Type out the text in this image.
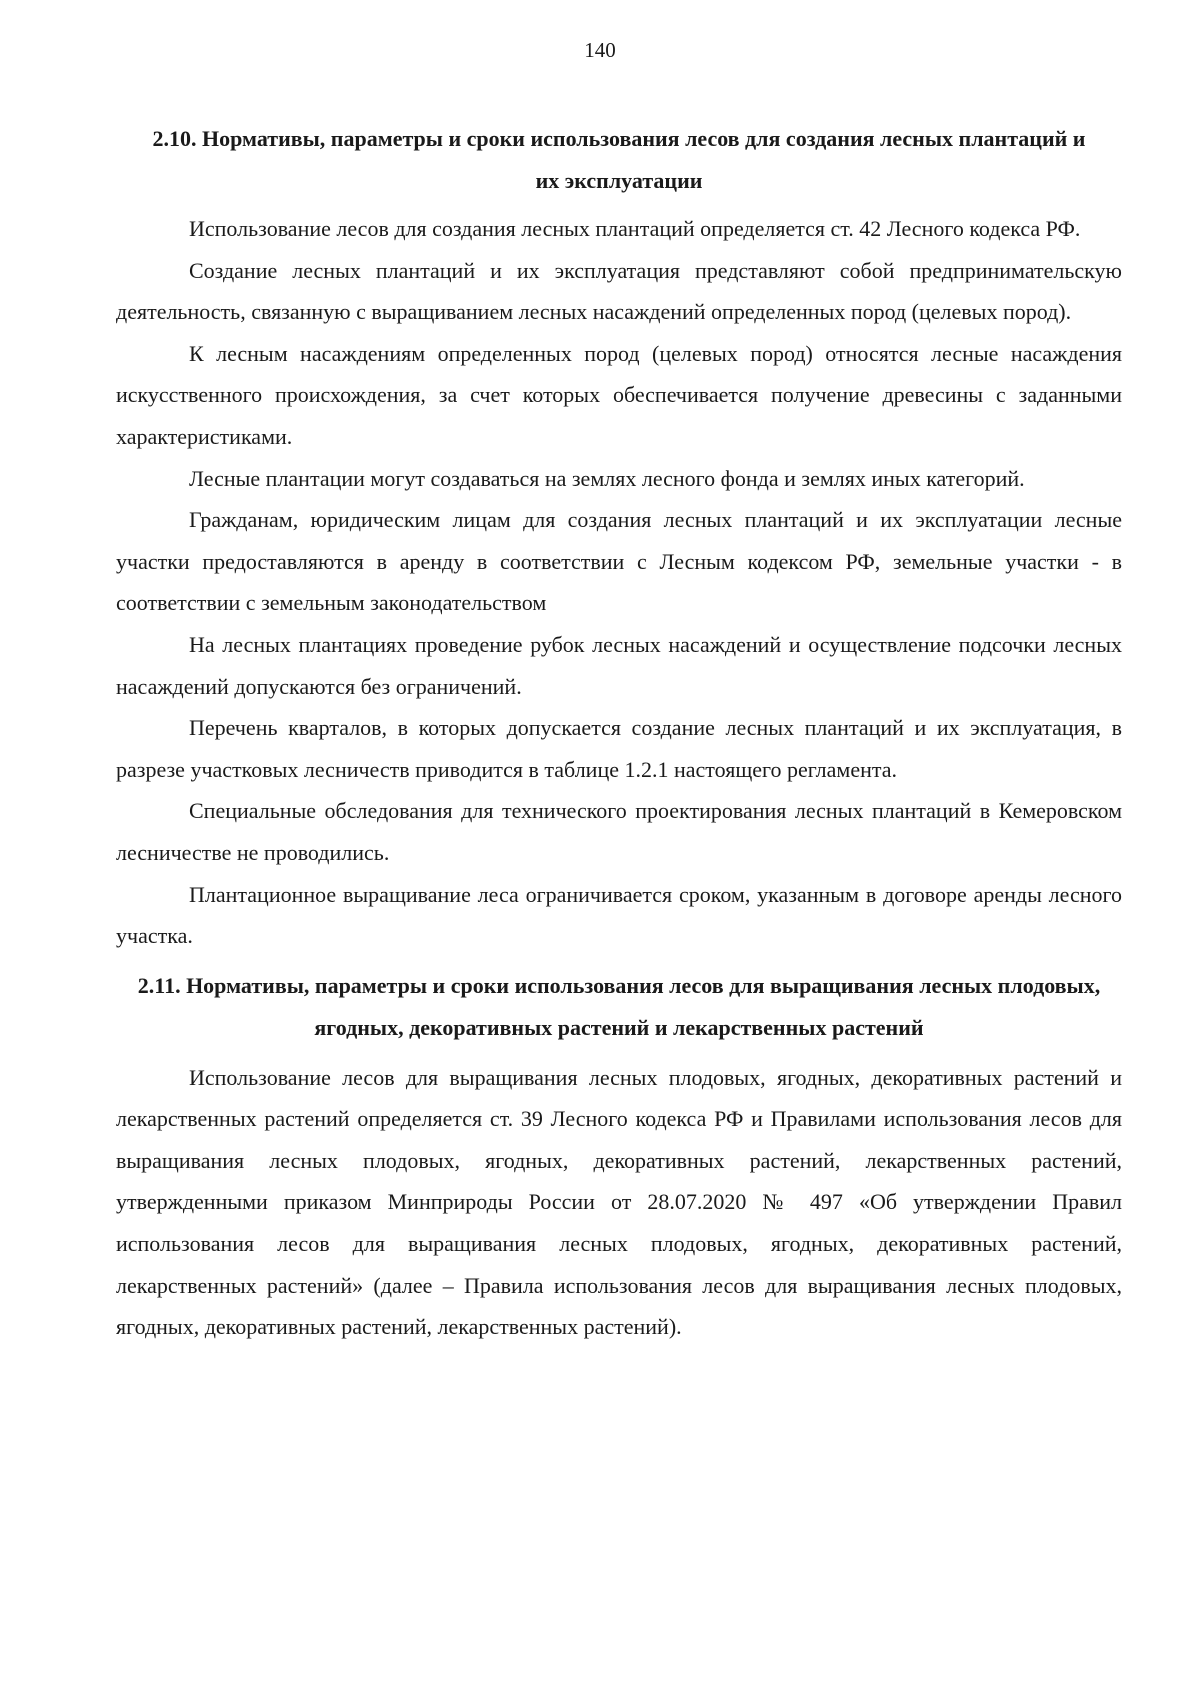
140
2.10. Нормативы, параметры и сроки использования лесов для создания лесных плантаций и их эксплуатации

Использование лесов для создания лесных плантаций определяется ст. 42 Лесного кодекса РФ.

Создание лесных плантаций и их эксплуатация представляют собой предпринимательскую деятельность, связанную с выращиванием лесных насаждений определенных пород (целевых пород).

К лесным насаждениям определенных пород (целевых пород) относятся лесные насаждения искусственного происхождения, за счет которых обеспечивается получение древесины с заданными характеристиками.

Лесные плантации могут создаваться на землях лесного фонда и землях иных категорий.

Гражданам, юридическим лицам для создания лесных плантаций и их эксплуатации лесные участки предоставляются в аренду в соответствии с Лесным кодексом РФ, земельные участки - в соответствии с земельным законодательством

На лесных плантациях проведение рубок лесных насаждений и осуществление подсочки лесных насаждений допускаются без ограничений.

Перечень кварталов, в которых допускается создание лесных плантаций и их эксплуатация, в разрезе участковых лесничеств приводится в таблице 1.2.1 настоящего регламента.

Специальные обследования для технического проектирования лесных плантаций в Кемеровском лесничестве не проводились.

Плантационное выращивание леса ограничивается сроком, указанным в договоре аренды лесного участка.

2.11. Нормативы, параметры и сроки использования лесов для выращивания лесных плодовых, ягодных, декоративных растений и лекарственных растений

Использование лесов для выращивания лесных плодовых, ягодных, декоративных растений и лекарственных растений определяется ст. 39 Лесного кодекса РФ и Правилами использования лесов для выращивания лесных плодовых, ягодных, декоративных растений, лекарственных растений, утвержденными приказом Минприроды России от 28.07.2020 № 497 «Об утверждении Правил использования лесов для выращивания лесных плодовых, ягодных, декоративных растений, лекарственных растений» (далее – Правила использования лесов для выращивания лесных плодовых, ягодных, декоративных растений, лекарственных растений).
